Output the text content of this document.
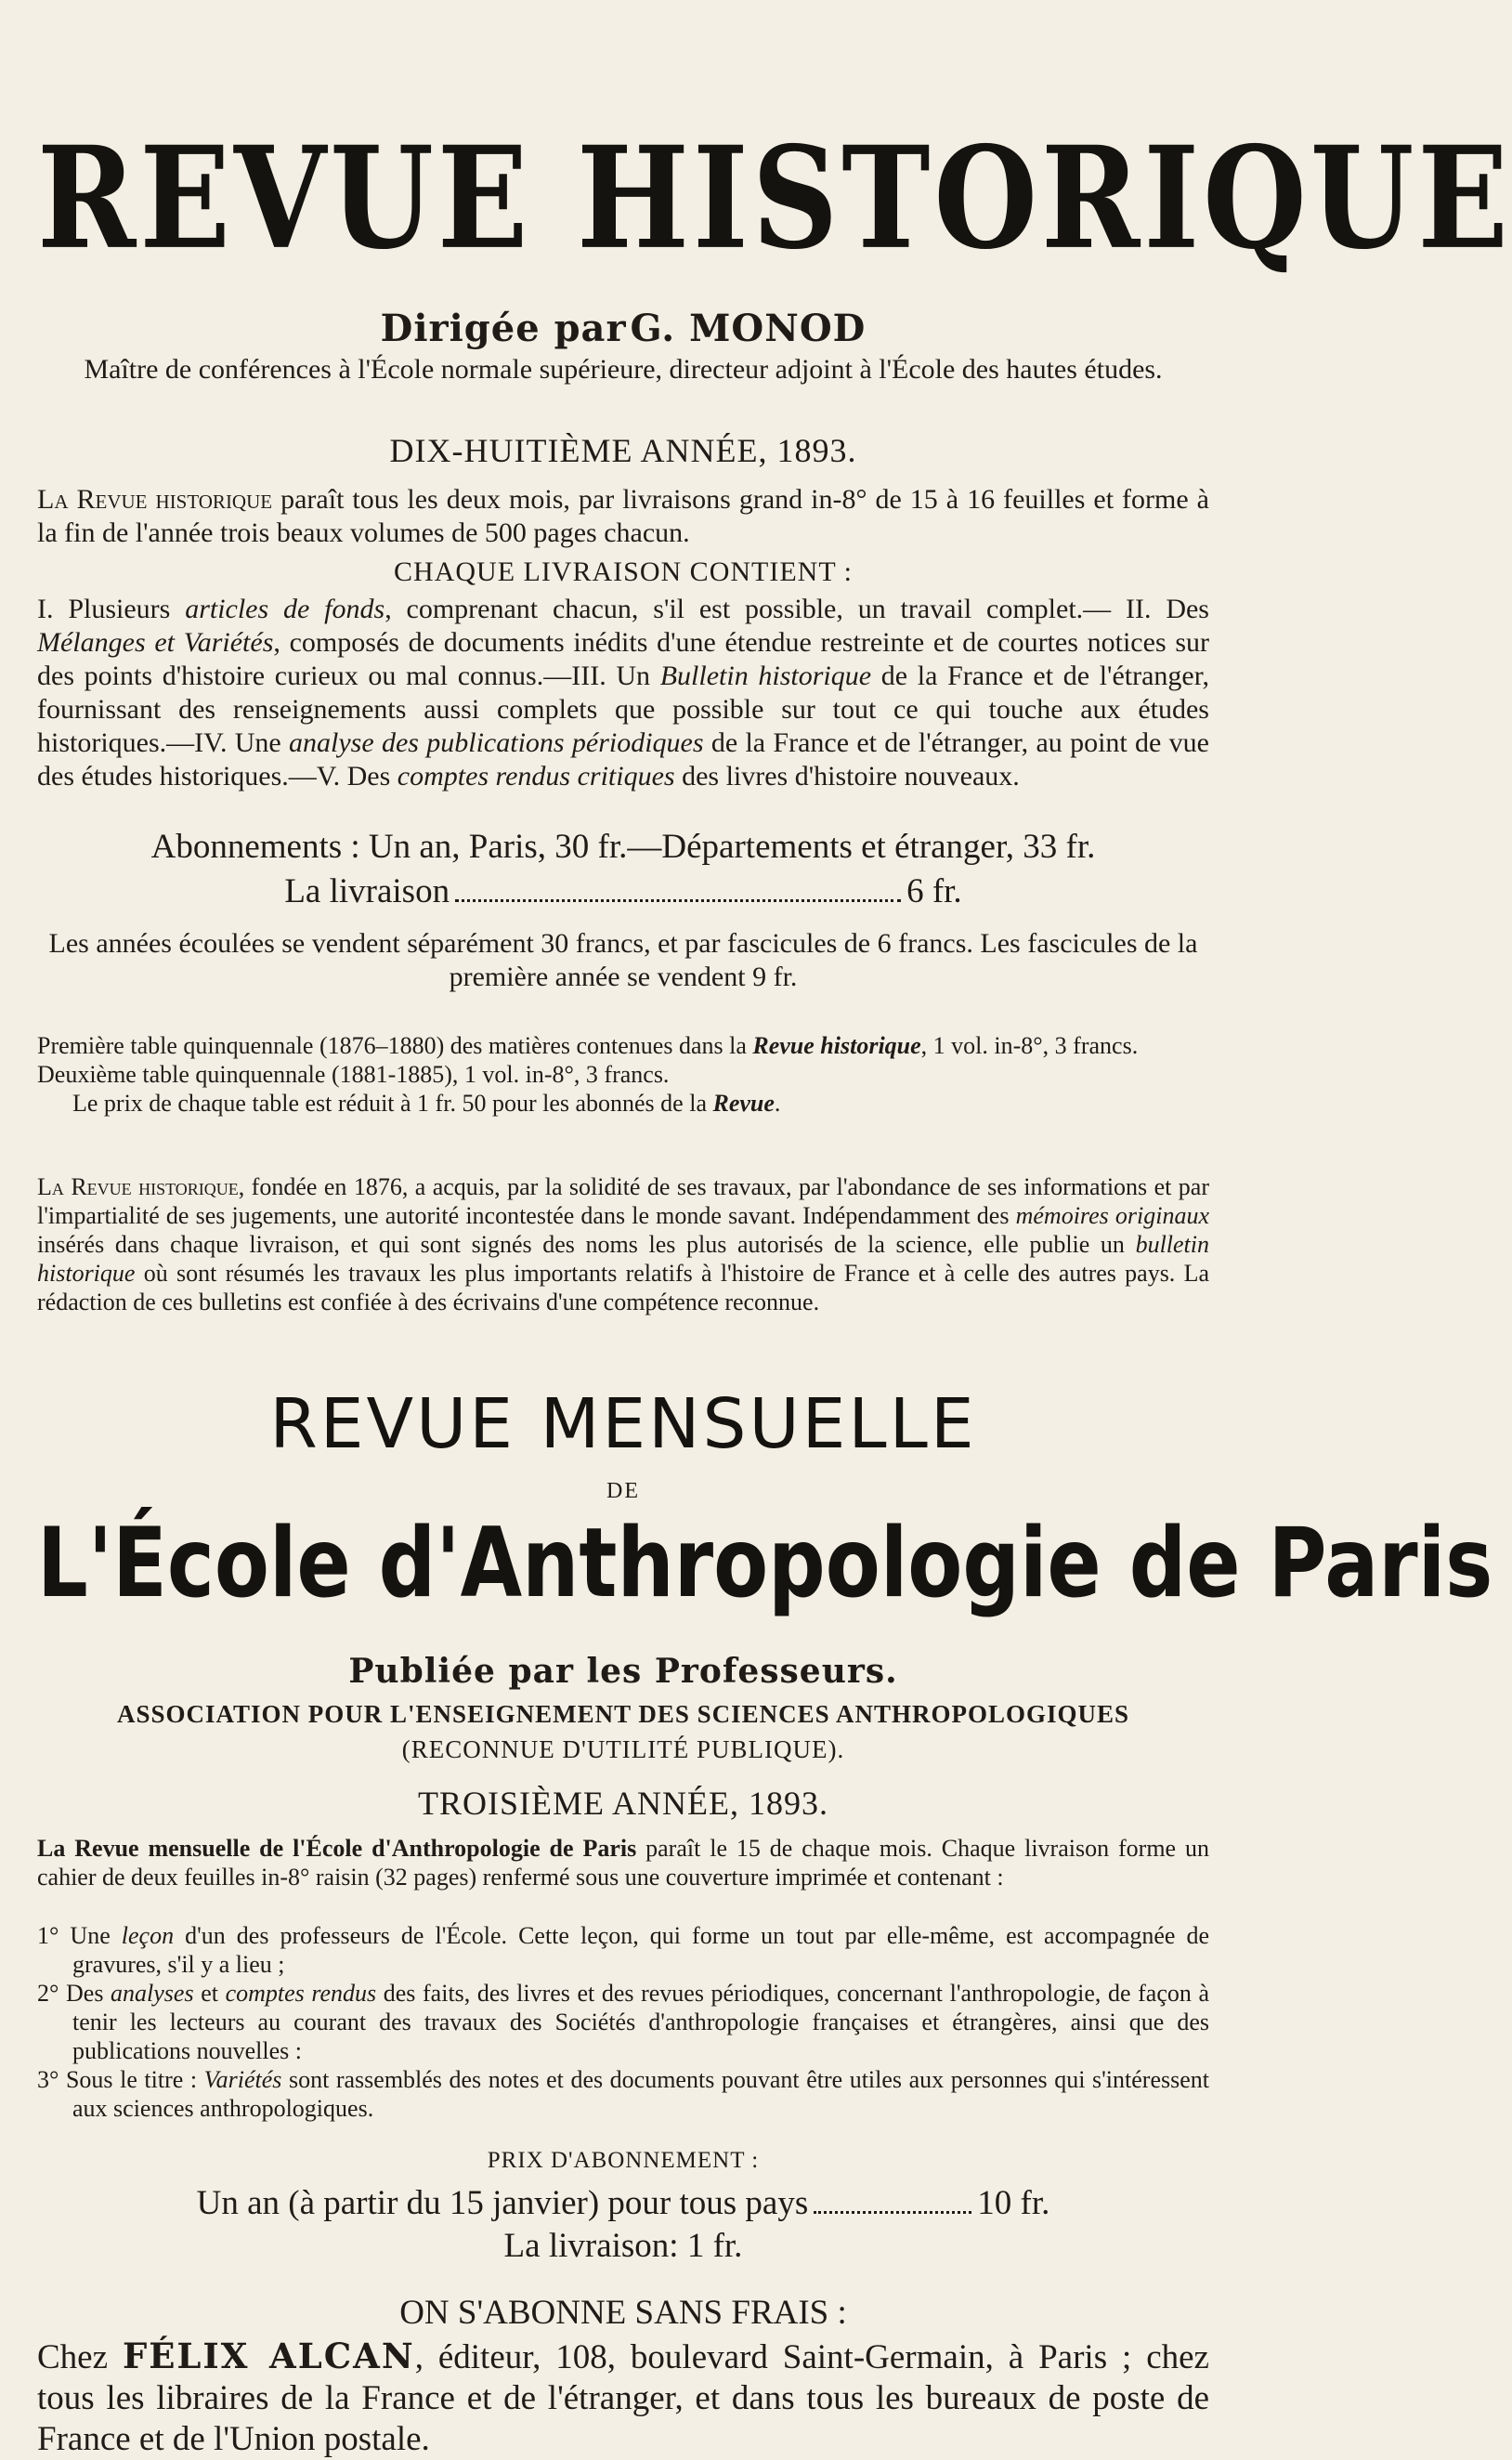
REVUE HISTORIQUE
Dirigée par G. MONOD
Maître de conférences à l'École normale supérieure, directeur adjoint à l'École des hautes études.
DIX-HUITIÈME ANNÉE, 1893.
La Revue historique paraît tous les deux mois, par livraisons grand in-8° de 15 à 16 feuilles et forme à la fin de l'année trois beaux volumes de 500 pages chacun.
CHAQUE LIVRAISON CONTIENT :
I. Plusieurs articles de fonds, comprenant chacun, s'il est possible, un travail complet.— II. Des Mélanges et Variétés, composés de documents inédits d'une étendue restreinte et de courtes notices sur des points d'histoire curieux ou mal connus.—III. Un Bulletin historique de la France et de l'étranger, fournissant des renseignements aussi complets que possible sur tout ce qui touche aux études historiques.—IV. Une analyse des publications périodiques de la France et de l'étranger, au point de vue des études historiques.—V. Des comptes rendus critiques des livres d'histoire nouveaux.
Abonnements : Un an, Paris, 30 fr.—Départements et étranger, 33 fr.
La livraison	6 fr.
Les années écoulées se vendent séparément 30 francs, et par fascicules de 6 francs. Les fascicules de la première année se vendent 9 fr.
Première table quinquennale (1876–1880) des matières contenues dans la Revue historique, 1 vol. in-8°, 3 francs.
Deuxième table quinquennale (1881-1885), 1 vol. in-8°, 3 francs.
Le prix de chaque table est réduit à 1 fr. 50 pour les abonnés de la Revue.
La Revue historique, fondée en 1876, a acquis, par la solidité de ses travaux, par l'abondance de ses informations et par l'impartialité de ses jugements, une autorité incontestée dans le monde savant. Indépendamment des mémoires originaux insérés dans chaque livraison, et qui sont signés des noms les plus autorisés de la science, elle publie un bulletin historique où sont résumés les travaux les plus importants relatifs à l'histoire de France et à celle des autres pays. La rédaction de ces bulletins est confiée à des écrivains d'une compétence reconnue.
REVUE MENSUELLE
DE
L'École d'Anthropologie de Paris
Publiée par les Professeurs.
ASSOCIATION POUR L'ENSEIGNEMENT DES SCIENCES ANTHROPOLOGIQUES
(RECONNUE D'UTILITÉ PUBLIQUE).
TROISIÈME ANNÉE, 1893.
La Revue mensuelle de l'École d'Anthropologie de Paris paraît le 15 de chaque mois. Chaque livraison forme un cahier de deux feuilles in-8° raisin (32 pages) renfermé sous une couverture imprimée et contenant :
1° Une leçon d'un des professeurs de l'École. Cette leçon, qui forme un tout par elle-même, est accompagnée de gravures, s'il y a lieu ;
2° Des analyses et comptes rendus des faits, des livres et des revues périodiques, concernant l'anthropologie, de façon à tenir les lecteurs au courant des travaux des Sociétés d'anthropologie françaises et étrangères, ainsi que des publications nouvelles :
3° Sous le titre : Variétés sont rassemblés des notes et des documents pouvant être utiles aux personnes qui s'intéressent aux sciences anthropologiques.
PRIX D'ABONNEMENT :
Un an (à partir du 15 janvier) pour tous pays	10 fr.
La livraison: 1 fr.
ON S'ABONNE SANS FRAIS :
Chez FÉLIX ALCAN, éditeur, 108, boulevard Saint-Germain, à Paris ; chez tous les libraires de la France et de l'étranger, et dans tous les bureaux de poste de France et de l'Union postale.
